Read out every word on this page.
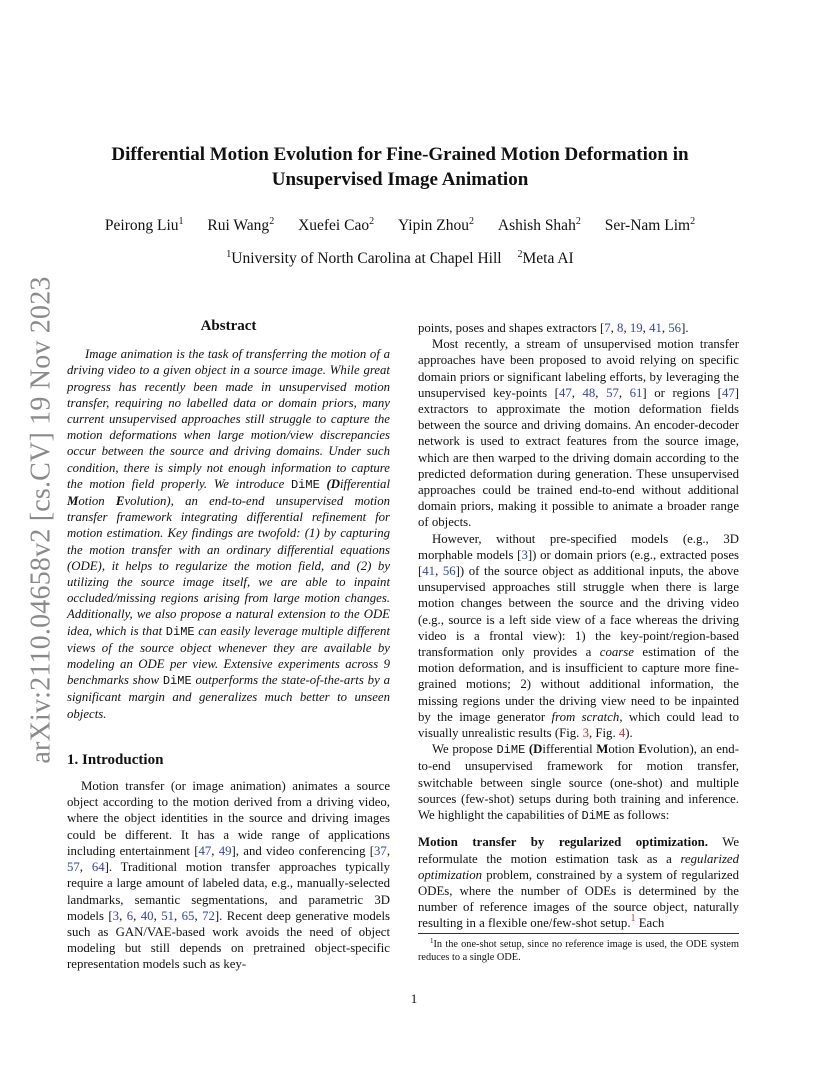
arXiv:2110.04658v2 [cs.CV] 19 Nov 2023
Differential Motion Evolution for Fine-Grained Motion Deformation in Unsupervised Image Animation
Peirong Liu$^1$ Rui Wang$^2$ Xuefei Cao$^2$ Yipin Zhou$^2$ Ashish Shah$^2$ Ser-Nam Lim$^2$
$^1$University of North Carolina at Chapel Hill $^2$Meta AI
Abstract

Image animation is the task of transferring the motion of a driving video to a given object in a source image. While great progress has recently been made in unsupervised motion transfer, requiring no labelled data or domain priors, many current unsupervised approaches still struggle to capture the motion deformations when large motion/view discrepancies occur between the source and driving domains. Under such condition, there is simply not enough information to capture the motion field properly. We introduce DiME (Differential Motion Evolution), an end-to-end unsupervised motion transfer framework integrating differential refinement for motion estimation. Key findings are twofold: (1) by capturing the motion transfer with an ordinary differential equations (ODE), it helps to regularize the motion field, and (2) by utilizing the source image itself, we are able to inpaint occluded/missing regions arising from large motion changes. Additionally, we also propose a natural extension to the ODE idea, which is that DiME can easily leverage multiple different views of the source object whenever they are available by modeling an ODE per view. Extensive experiments across 9 benchmarks show DiME outperforms the state-of-the-arts by a significant margin and generalizes much better to unseen objects.

1. Introduction

Motion transfer (or image animation) animates a source object according to the motion derived from a driving video, where the object identities in the source and driving images could be different. It has a wide range of applications including entertainment [47, 49], and video conferencing [37, 57, 64]. Traditional motion transfer approaches typically require a large amount of labeled data, e.g., manually-selected landmarks, semantic segmentations, and parametric 3D models [3, 6, 40, 51, 65, 72]. Recent deep generative models such as GAN/VAE-based work avoids the need of object modeling but still depends on pretrained object-specific representation models such as key-

points, poses and shapes extractors [7, 8, 19, 41, 56].

Most recently, a stream of unsupervised motion transfer approaches have been proposed to avoid relying on specific domain priors or significant labeling efforts, by leveraging the unsupervised key-points [47, 48, 57, 61] or regions [47] extractors to approximate the motion deformation fields between the source and driving domains. An encoder-decoder network is used to extract features from the source image, which are then warped to the driving domain according to the predicted deformation during generation. These unsupervised approaches could be trained end-to-end without additional domain priors, making it possible to animate a broader range of objects.

However, without pre-specified models (e.g., 3D morphable models [3]) or domain priors (e.g., extracted poses [41, 56]) of the source object as additional inputs, the above unsupervised approaches still struggle when there is large motion changes between the source and the driving video (e.g., source is a left side view of a face whereas the driving video is a frontal view): 1) the key-point/region-based transformation only provides a coarse estimation of the motion deformation, and is insufficient to capture more fine-grained motions; 2) without additional information, the missing regions under the driving view need to be inpainted by the image generator from scratch, which could lead to visually unrealistic results (Fig. 3, Fig. 4).

We propose DiME (Differential Motion Evolution), an end-to-end unsupervised framework for motion transfer, switchable between single source (one-shot) and multiple sources (few-shot) setups during both training and inference. We highlight the capabilities of DiME as follows:

Motion transfer by regularized optimization. We reformulate the motion estimation task as a regularized optimization problem, constrained by a system of regularized ODEs, where the number of ODEs is determined by the number of reference images of the source object, naturally resulting in a flexible one/few-shot setup.$^1$ Each

$^1$In the one-shot setup, since no reference image is used, the ODE system reduces to a single ODE.

1
